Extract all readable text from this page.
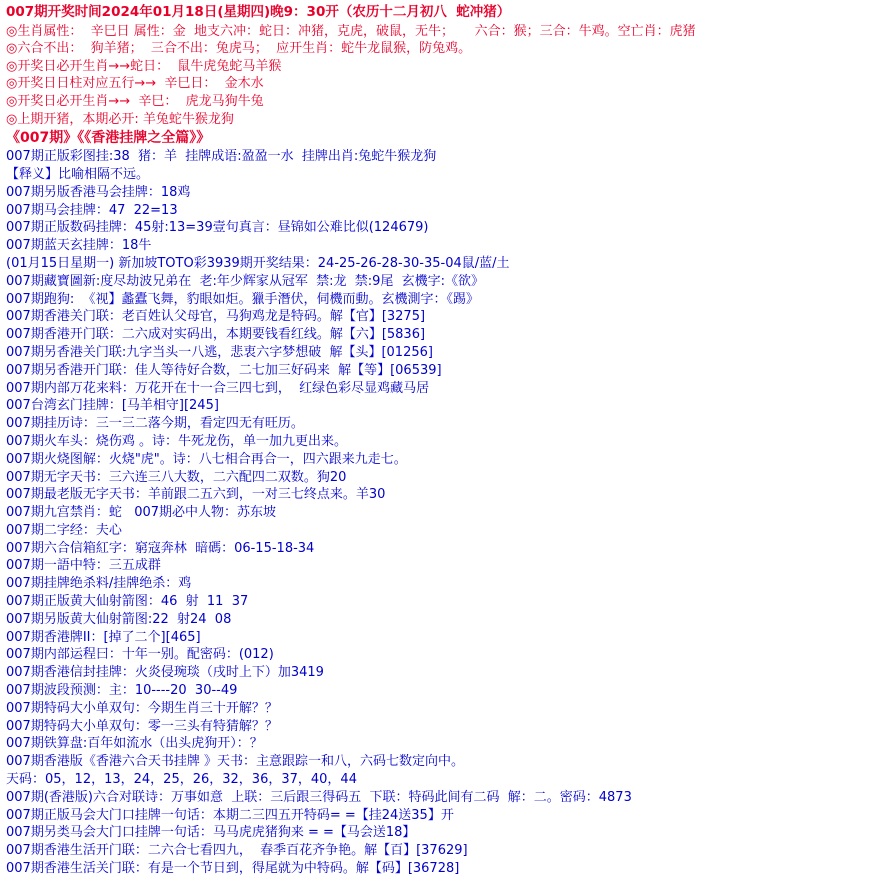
007期开奖时间2024年01月18日(星期四)晚9：30开（农历十二月初八  蛇冲猪）
◎生肖属性：  辛巳日 属性：金  地支六冲：蛇日：冲猪，克虎，破鼠，无牛；     六合：猴；三合：牛鸡。空亡肖：虎猪
◎六合不出：  狗羊猪；  三合不出：兔虎马；  应开生肖：蛇牛龙鼠猴，防兔鸡。
◎开奖日必开生肖→→蛇日：  鼠牛虎兔蛇马羊猴
◎开奖日日柱对应五行→→  辛巳日：  金木水
◎开奖日必开生肖→→  辛巳：  虎龙马狗牛兔
◎上期开猪，本期必开: 羊兔蛇牛猴龙狗
《007期》《《香港挂牌之全篇》》
007期正版彩图挂:38  猪：羊  挂牌成语:盈盈一水  挂牌出肖:兔蛇牛猴龙狗
【释义】比喻相隔不远。
007期另版香港马会挂牌：18鸡
007期马会挂牌：47  22=13
007期正版数码挂牌：45射:13=39壹句真言：昼锦如公难比似(124679)
007期蓝天玄挂牌：18牛
(01月15日星期一) 新加坡TOTO彩3939期开奖结果：24-25-26-28-30-35-04鼠/蓝/土
007期藏寶圖新:度尽劫波兄弟在  老:年少辉家从冠军  禁:龙  禁:9尾  玄機字:《欲》
007期跑狗:  《视】蠡蠹飞舞，豹眼如炬。獵手潛伏，伺機而動。玄機測字：《踢》
007期香港关门联：老百姓认父母官，马狗鸡龙是特码。解【官】[3275]
007期香港开门联：二六成对实码出，本期要钱看红线。解【六】[5836]
007期另香港关门联:九字当头一八逃，悲衷六字梦想破  解【头】[01256]
007期另香港开门联：佳人等待好合数，二七加三好码来  解【等】[06539]
007期内部万花来料：万花开在十一合三四七到，  红绿色彩尽显鸡藏马居
007台湾玄门挂牌：[马羊相守][245]
007期挂历诗：三一三二落今期，看定四无有旺历。
007期火车头：烧伤鸡 。诗：牛死龙伤，单一加九更出来。
007期火烧图解：火烧"虎"。诗：八七相合再合一，四六跟来九走七。
007期无字天书：三六连三八大数，二六配四二双数。狗20
007期最老版无字天书：羊前跟二五六到，一对三七终点来。羊30
007期九宫禁肖：蛇   007期必中人物：苏东坡
007期二字经：夫心
007期六合信箱紅字：窮寇奔林  暗碼：06-15-18-34
007期一語中特：三五成群
007期挂牌绝杀料/挂牌绝杀：鸡
007期正版黄大仙射箭图：46  射  11  37
007期另版黄大仙射箭图:22  射24  08
007期香港牌II：[掉了二个][465]
007期内部运程曰：十年一别。配密码：(012)
007期香港信封挂牌：火炎侵琬琰（戌时上下）加3419
007期波段预测：主：10----20  30--49
007期特码大小单双句：今期生肖三十开解？？
007期特码大小单双句：零一三头有特猜解？？
007期铁算盘:百年如流水（出头虎狗开）：？
007期香港版《香港六合天书挂牌 》天书：主意跟踪一和八，六码七数定向中。
天码：05，12，13，24，25，26，32，36，37，40，44
007期(香港版)六合对联诗：万事如意  上联：三后跟三得码五  下联：特码此间有二码  解：二。密码：4873
007期正版马会大门口挂牌一句话：本期二三四五开特码= =【挂24送35】开
007期另类马会大门口挂牌一句话：马马虎虎猪狗来 = =【马会送18】
007期香港生活开门联：二六合七看四九，  春季百花齐争艳。解【百】[37629]
007期香港生活关门联：有是一个节日到，得尾就为中特码。解【码】[36728]
